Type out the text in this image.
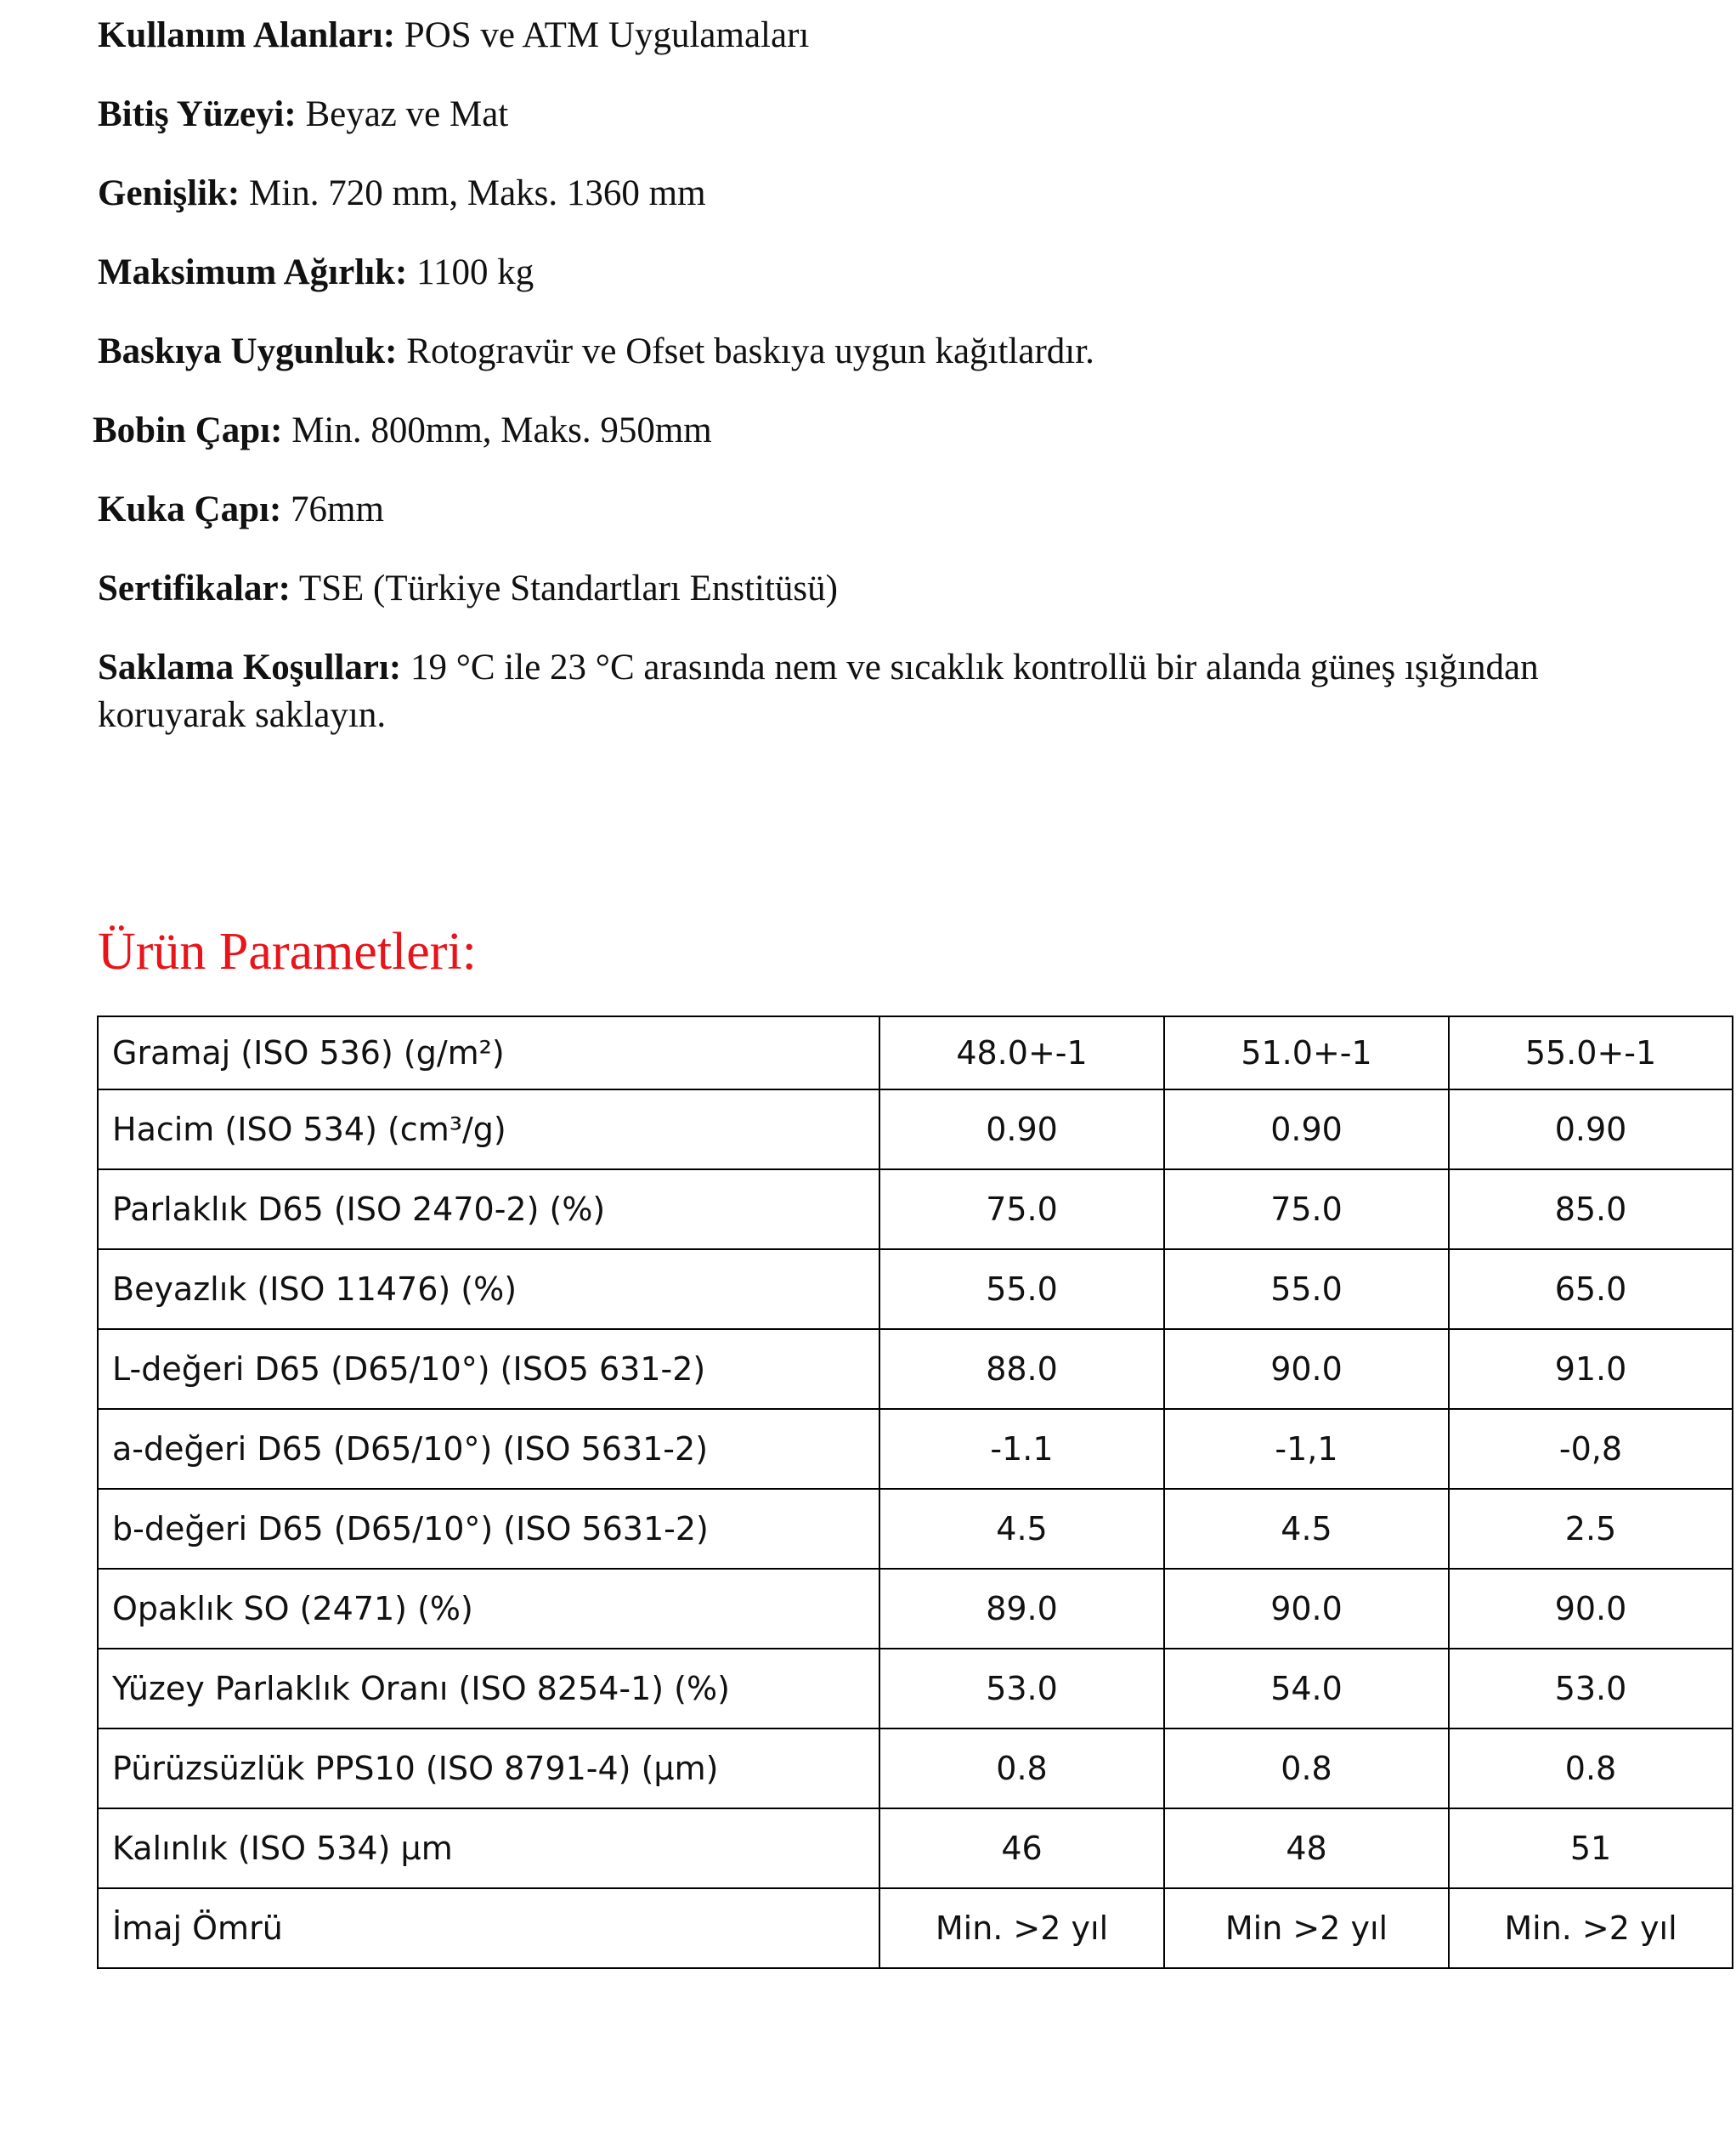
Kullanım Alanları: POS ve ATM Uygulamaları
Bitiş Yüzeyi: Beyaz ve Mat
Genişlik: Min. 720 mm, Maks. 1360 mm
Maksimum Ağırlık: 1100 kg
Baskıya Uygunluk: Rotogravür ve Ofset baskıya uygun kağıtlardır.
Bobin Çapı: Min. 800mm, Maks. 950mm
Kuka Çapı: 76mm
Sertifikalar: TSE (Türkiye Standartları Enstitüsü)
Saklama Koşulları: 19 °C ile 23 °C arasında nem ve sıcaklık kontrollü bir alanda güneş ışığından koruyarak saklayın.
Ürün Parametleri:
Gramaj (ISO 536) (g/m²)	48.0+-1	51.0+-1	55.0+-1
Hacim (ISO 534) (cm³/g)	0.90	0.90	0.90
Parlaklık D65 (ISO 2470-2) (%)	75.0	75.0	85.0
Beyazlık (ISO 11476) (%)	55.0	55.0	65.0
L-değeri D65 (D65/10°) (ISO5 631-2)	88.0	90.0	91.0
a-değeri D65 (D65/10°) (ISO 5631-2)	-1.1	-1,1	-0,8
b-değeri D65 (D65/10°) (ISO 5631-2)	4.5	4.5	2.5
Opaklık SO (2471) (%)	89.0	90.0	90.0
Yüzey Parlaklık Oranı (ISO 8254-1) (%)	53.0	54.0	53.0
Pürüzsüzlük PPS10 (ISO 8791-4) (µm)	0.8	0.8	0.8
Kalınlık (ISO 534) µm	46	48	51
İmaj Ömrü	Min. >2 yıl	Min >2 yıl	Min. >2 yıl
